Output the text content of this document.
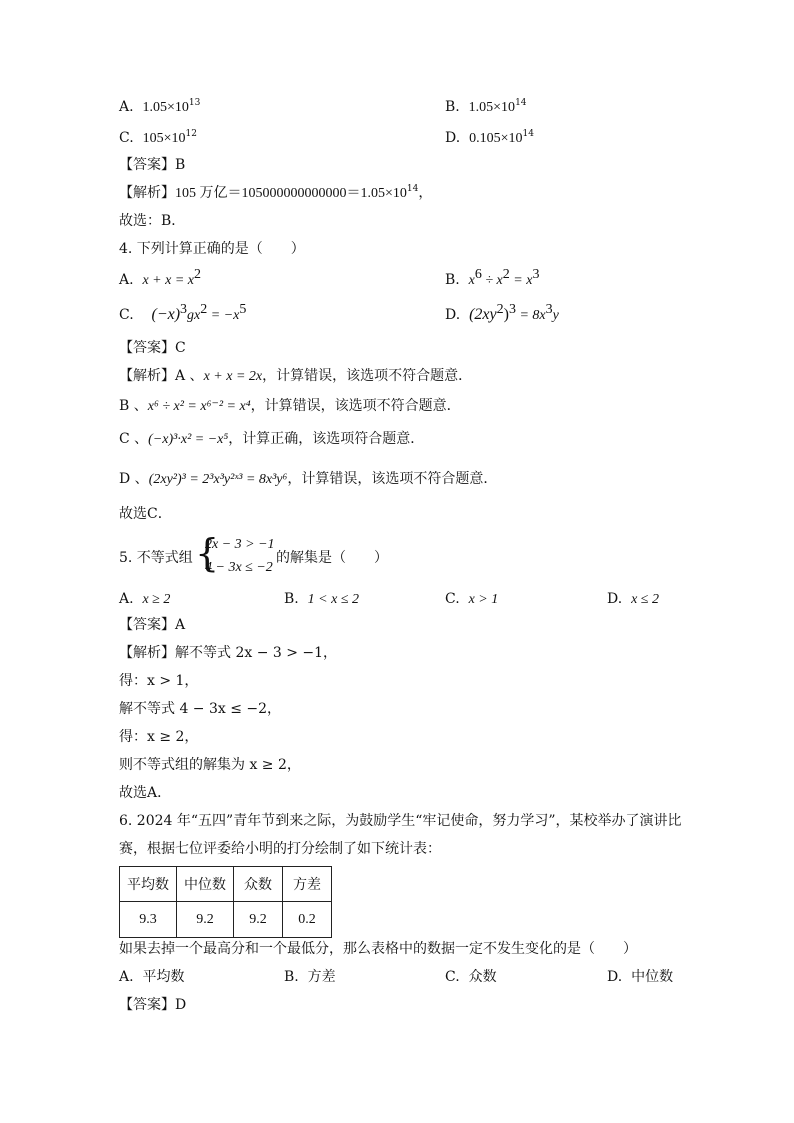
A. $1.05\times 10^{13}$	B. $1.05\times 10^{14}$
C. $105\times 10^{12}$	D. $0.105\times 10^{14}$
【答案】B
【解析】105 万亿$=105000000000000=1.05\times 10^{14}$，
故选：B．
4. 下列计算正确的是（　　）
A. $x + x = x^2$	B. $x^6 \div x^2 = x^3$
C. $(-x)^3gx^2 = -x^5$	D. $(2xy^2)^3 = 8x^3y$
【答案】C
【解析】A 、x + x = 2x，计算错误，该选项不符合题意．
B 、x⁶ ÷ x² = x⁶⁻² = x⁴，计算错误，该选项不符合题意．
C 、(−x)³·x² = −x⁵，计算正确，该选项符合题意．
D 、(2xy²)³ = 2³x³y²ˣ³ = 8x³y⁶，计算错误，该选项不符合题意．
故选C．
5. 不等式组 {
2x − 3 > −1
4 − 3x ≤ −2
的解集是（　　）
A. x ≥ 2	B. 1 < x ≤ 2	C. x > 1	D. x ≤ 2
【答案】A
【解析】解不等式 2x − 3 > −1，
得：x > 1，
解不等式 4 − 3x ≤ −2，
得：x ≥ 2，
则不等式组的解集为 x ≥ 2，
故选A．
6. 2024 年“五四”青年节到来之际，为鼓励学生“牢记使命，努力学习”，某校举办了演讲比
赛，根据七位评委给小明的打分绘制了如下统计表：
平均数	中位数	众数	方差
9.3	9.2	9.2	0.2
如果去掉一个最高分和一个最低分，那么表格中的数据一定不发生变化的是（　　）
A. 平均数	B. 方差	C. 众数	D. 中位数
【答案】D
